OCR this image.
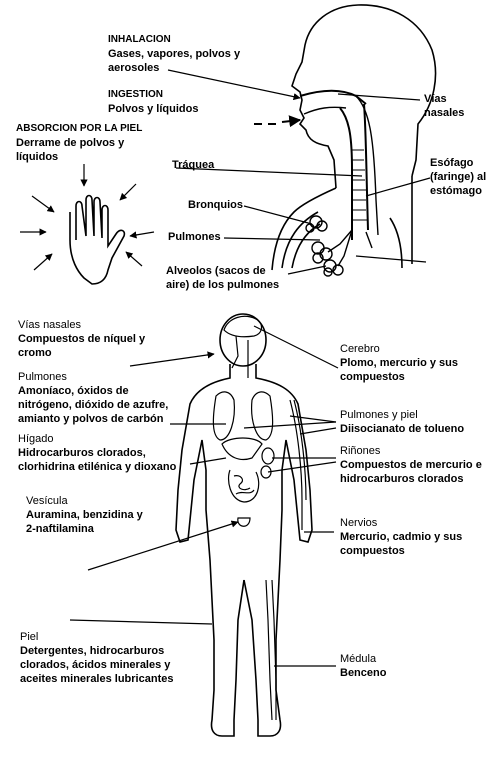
INHALACION
Gases, vapores, polvos y
aerosoles
INGESTION
Polvos y líquidos
ABSORCION POR LA PIEL
Derrame de polvos y
líquidos
Vías
nasales
Esófago
(faringe) al
estómago
Tráquea
Bronquios
Pulmones
Alveolos (sacos de
aire) de los pulmones
Vías nasales
Compuestos de níquel y
cromo
Pulmones
Amoníaco, óxidos de
nitrógeno, dióxido de azufre,
amianto y polvos de carbón
Hígado
Hidrocarburos clorados,
clorhidrina etilénica y dioxano
Vesícula
Auramina, benzidina y
2-naftilamina
Piel
Detergentes, hidrocarburos
clorados, ácidos minerales y
aceites minerales lubricantes
Cerebro
Plomo, mercurio y sus
compuestos
Pulmones y piel
Diisocianato de tolueno
Riñones
Compuestos de mercurio e
hidrocarburos clorados
Nervios
Mercurio, cadmio y sus
compuestos
Médula
Benceno
